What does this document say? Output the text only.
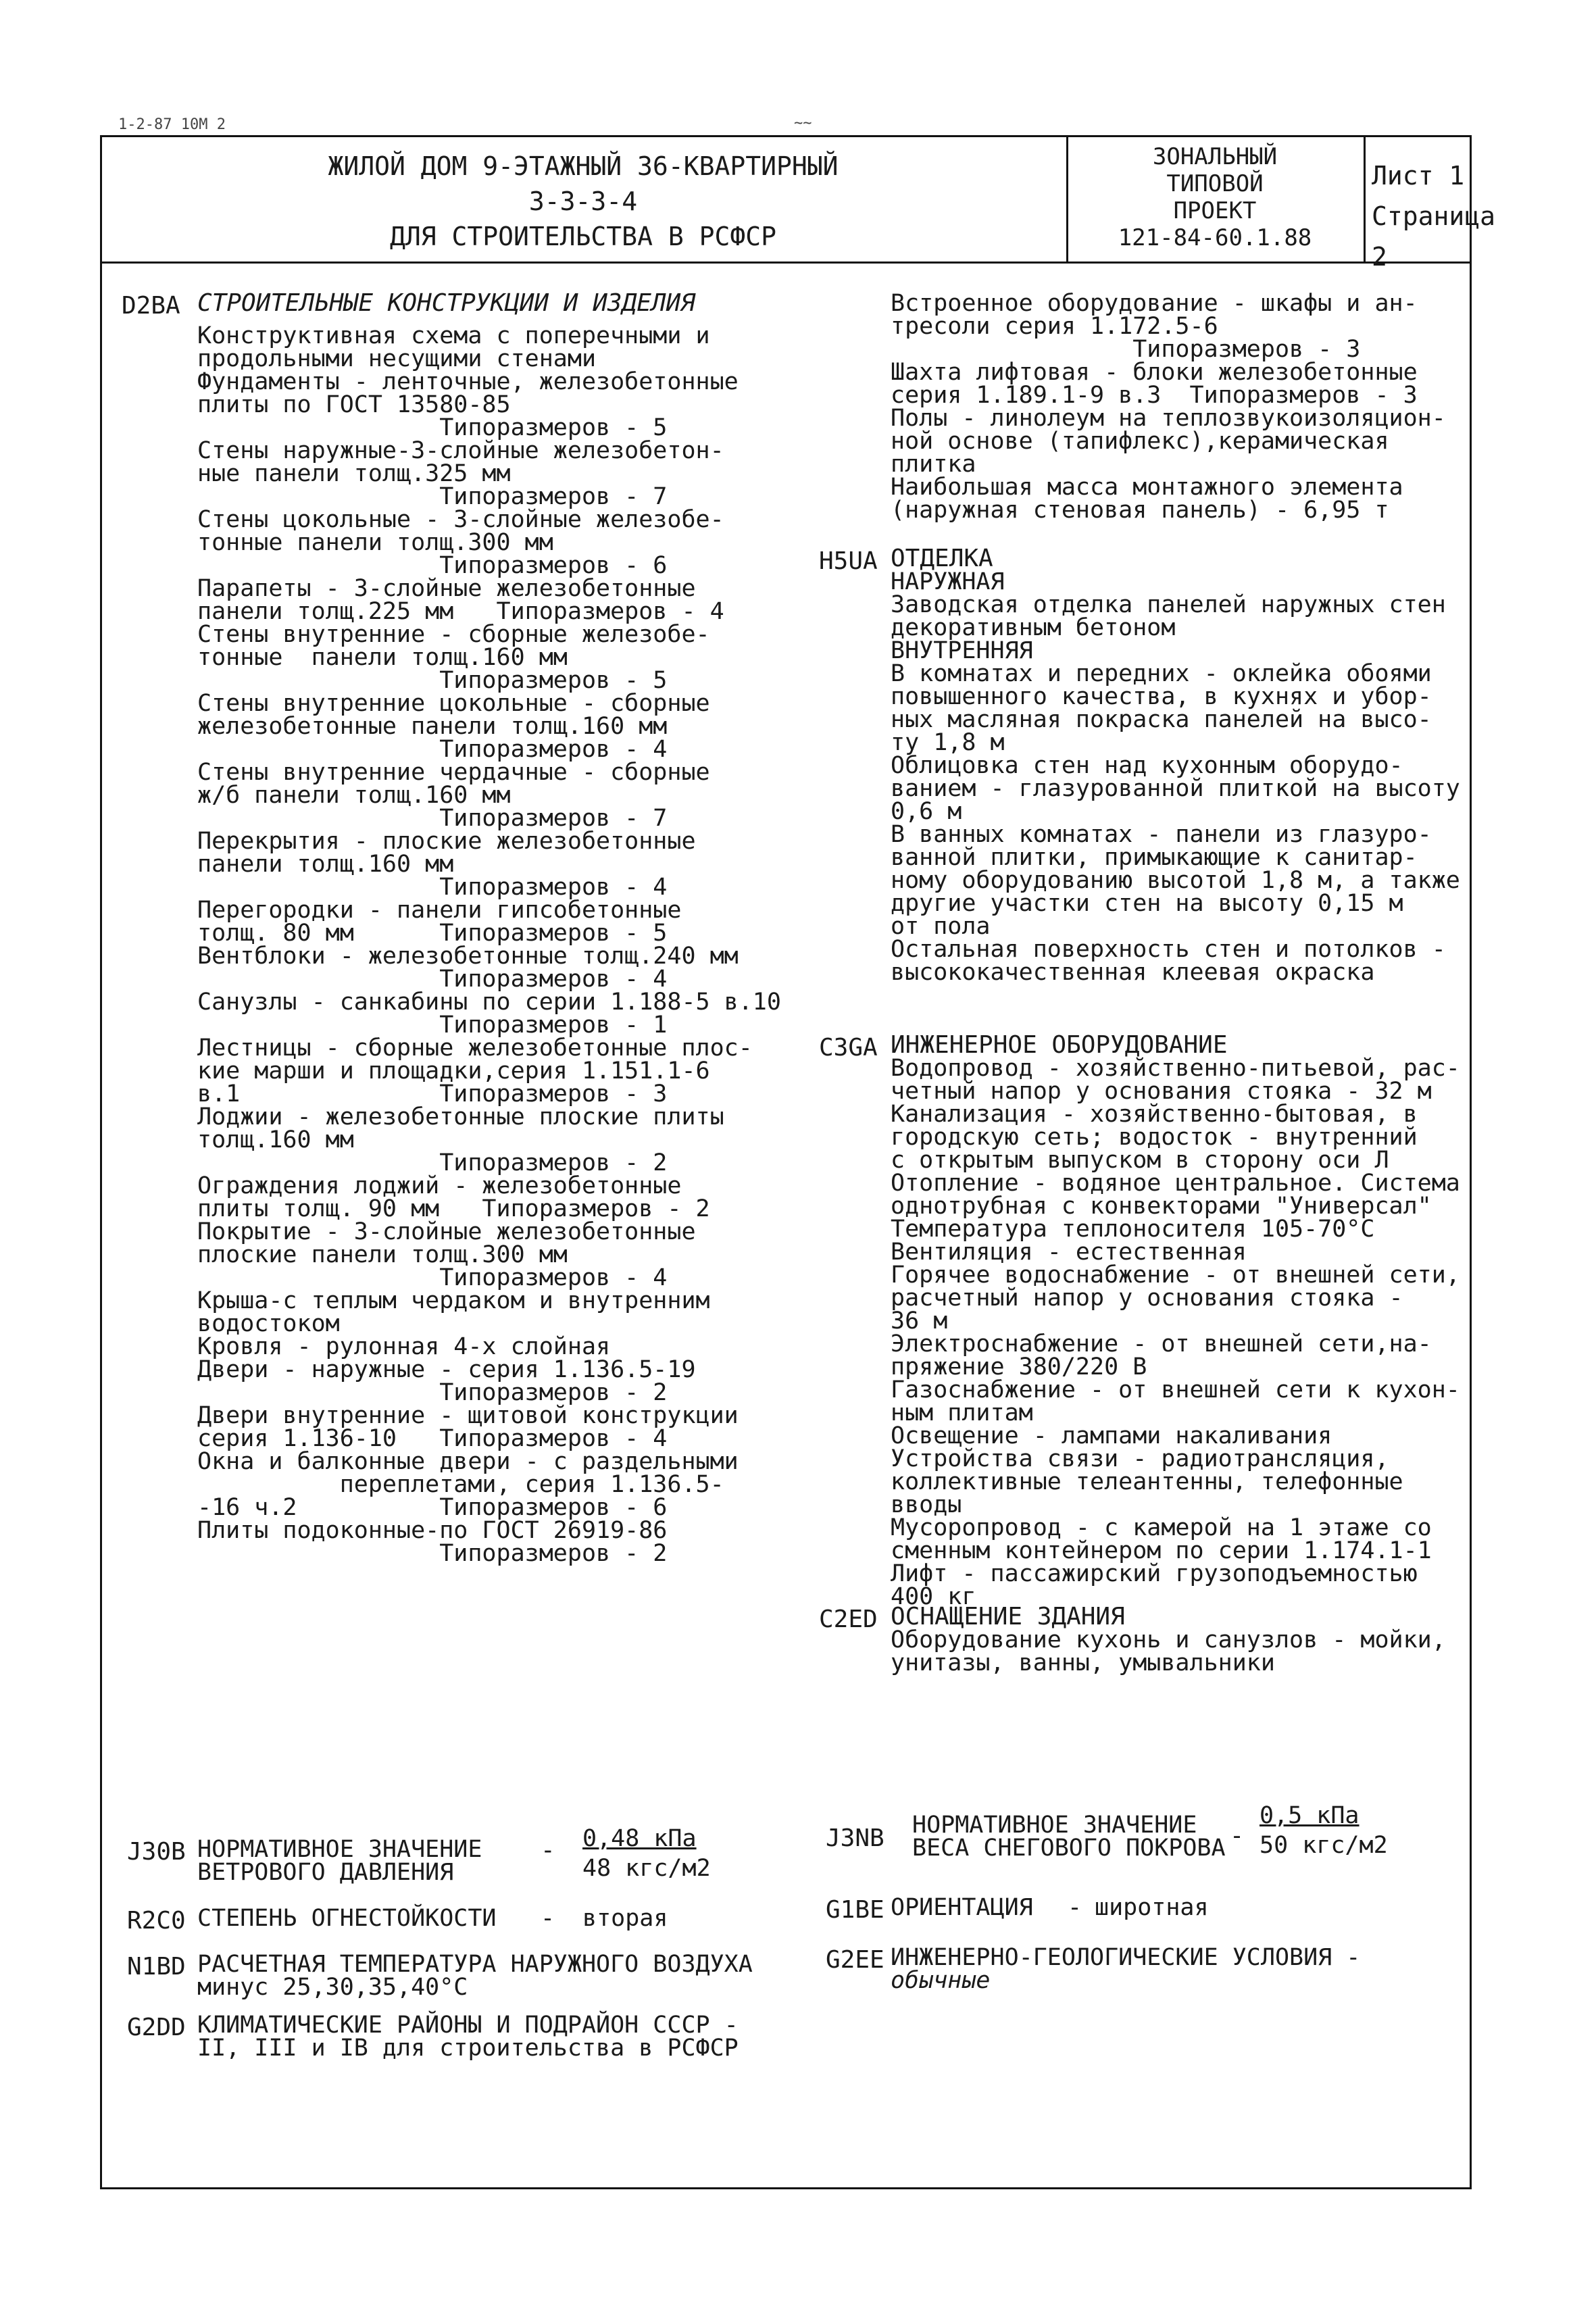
1-2-87 10M 2	~~
ЖИЛОЙ ДОМ 9-ЭТАЖНЫЙ 36-КВАРТИРНЫЙ
3-3-3-4
ДЛЯ СТРОИТЕЛЬСТВА В РСФСР
ЗОНАЛЬНЫЙ
ТИПОВОЙ
ПРОЕКТ
121-84-60.1.88
Лист 1
Страница 2
D2BA СТРОИТЕЛЬНЫЕ КОНСТРУКЦИИ И ИЗДЕЛИЯ
Конструктивная схема с поперечными и
продольными несущими стенами
Фундаменты - ленточные, железобетонные
плиты по ГОСТ 13580-85
Типоразмеров - 5
Стены наружные-3-слойные железобетон-
ные панели толщ.325 мм
Типоразмеров - 7
Стены цокольные - 3-слойные железобе-
тонные панели толщ.300 мм
Типоразмеров - 6
Парапеты - 3-слойные железобетонные
панели толщ.225 мм   Типоразмеров - 4
Стены внутренние - сборные железобе-
тонные  панели толщ.160 мм
Типоразмеров - 5
Стены внутренние цокольные - сборные
железобетонные панели толщ.160 мм
Типоразмеров - 4
Стены внутренние чердачные - сборные
ж/б панели толщ.160 мм
Типоразмеров - 7
Перекрытия - плоские железобетонные
панели толщ.160 мм
Типоразмеров - 4
Перегородки - панели гипсобетонные
толщ. 80 мм      Типоразмеров - 5
Вентблоки - железобетонные толщ.240 мм
Типоразмеров - 4
Санузлы - санкабины по серии 1.188-5 в.10
Типоразмеров - 1
Лестницы - сборные железобетонные плос-
кие марши и площадки,серия 1.151.1-6
в.1              Типоразмеров - 3
Лоджии - железобетонные плоские плиты
толщ.160 мм
Типоразмеров - 2
Ограждения лоджий - железобетонные
плиты толщ. 90 мм   Типоразмеров - 2
Покрытие - 3-слойные железобетонные
плоские панели толщ.300 мм
Типоразмеров - 4
Крыша-с теплым чердаком и внутренним
водостоком
Кровля - рулонная 4-х слойная
Двери - наружные - серия 1.136.5-19
Типоразмеров - 2
Двери внутренние - щитовой конструкции
серия 1.136-10   Типоразмеров - 4
Окна и балконные двери - с раздельными
переплетами, серия 1.136.5-
-16 ч.2          Типоразмеров - 6
Плиты подоконные-по ГОСТ 26919-86
Типоразмеров - 2
Встроенное оборудование - шкафы и ан-
тресоли серия 1.172.5-6
Типоразмеров - 3
Шахта лифтовая - блоки железобетонные
серия 1.189.1-9 в.3  Типоразмеров - 3
Полы - линолеум на теплозвукоизоляцион-
ной основе (тапифлекс),керамическая
плитка
Наибольшая масса монтажного элемента
(наружная стеновая панель) - 6,95 т
H5UA ОТДЕЛКА
НАРУЖНАЯ
Заводская отделка панелей наружных стен
декоративным бетоном
ВНУТРЕННЯЯ
В комнатах и передних - оклейка обоями
повышенного качества, в кухнях и убор-
ных масляная покраска панелей на высо-
ту 1,8 м
Облицовка стен над кухонным оборудо-
ванием - глазурованной плиткой на высоту
0,6 м
В ванных комнатах - панели из глазуро-
ванной плитки, примыкающие к санитар-
ному оборудованию высотой 1,8 м, а также
другие участки стен на высоту 0,15 м
от пола
Остальная поверхность стен и потолков -
высококачественная клеевая окраска
C3GA ИНЖЕНЕРНОЕ ОБОРУДОВАНИЕ
Водопровод - хозяйственно-питьевой, рас-
четный напор у основания стояка - 32 м
Канализация - хозяйственно-бытовая, в
городскую сеть; водосток - внутренний
с открытым выпуском в сторону оси Л
Отопление - водяное центральное. Система
однотрубная с конвекторами "Универсал"
Температура теплоносителя 105-70°С
Вентиляция - естественная
Горячее водоснабжение - от внешней сети,
расчетный напор у основания стояка -
36 м
Электроснабжение - от внешней сети,на-
пряжение 380/220 В
Газоснабжение - от внешней сети к кухон-
ным плитам
Освещение - лампами накаливания
Устройства связи - радиотрансляция,
коллективные телеантенны, телефонные
вводы
Мусоропровод - с камерой на 1 этаже со
сменным контейнером по серии 1.174.1-1
Лифт - пассажирский грузоподъемностью
400 кг
C2ED ОСНАЩЕНИЕ ЗДАНИЯ
Оборудование кухонь и санузлов - мойки,
унитазы, ванны, умывальники
J30B НОРМАТИВНОЕ ЗНАЧЕНИЕ
ВЕТРОВОГО ДАВЛЕНИЯ
- 0,48 кПа
48 кгс/м2
R2C0 СТЕПЕНЬ ОГНЕСТОЙКОСТИ - вторая
N1BD РАСЧЕТНАЯ ТЕМПЕРАТУРА НАРУЖНОГО ВОЗДУХА
минус 25,30,35,40°С
G2DD КЛИМАТИЧЕСКИЕ РАЙОНЫ И ПОДРАЙОН СССР -
II, III и IB для строительства в РСФСР
J3NB НОРМАТИВНОЕ ЗНАЧЕНИЕ
ВЕСА СНЕГОВОГО ПОКРОВА -
0,5 кПа
50 кгс/м2
G1BE ОРИЕНТАЦИЯ - широтная
G2EE ИНЖЕНЕРНО-ГЕОЛОГИЧЕСКИЕ УСЛОВИЯ -
обычные
